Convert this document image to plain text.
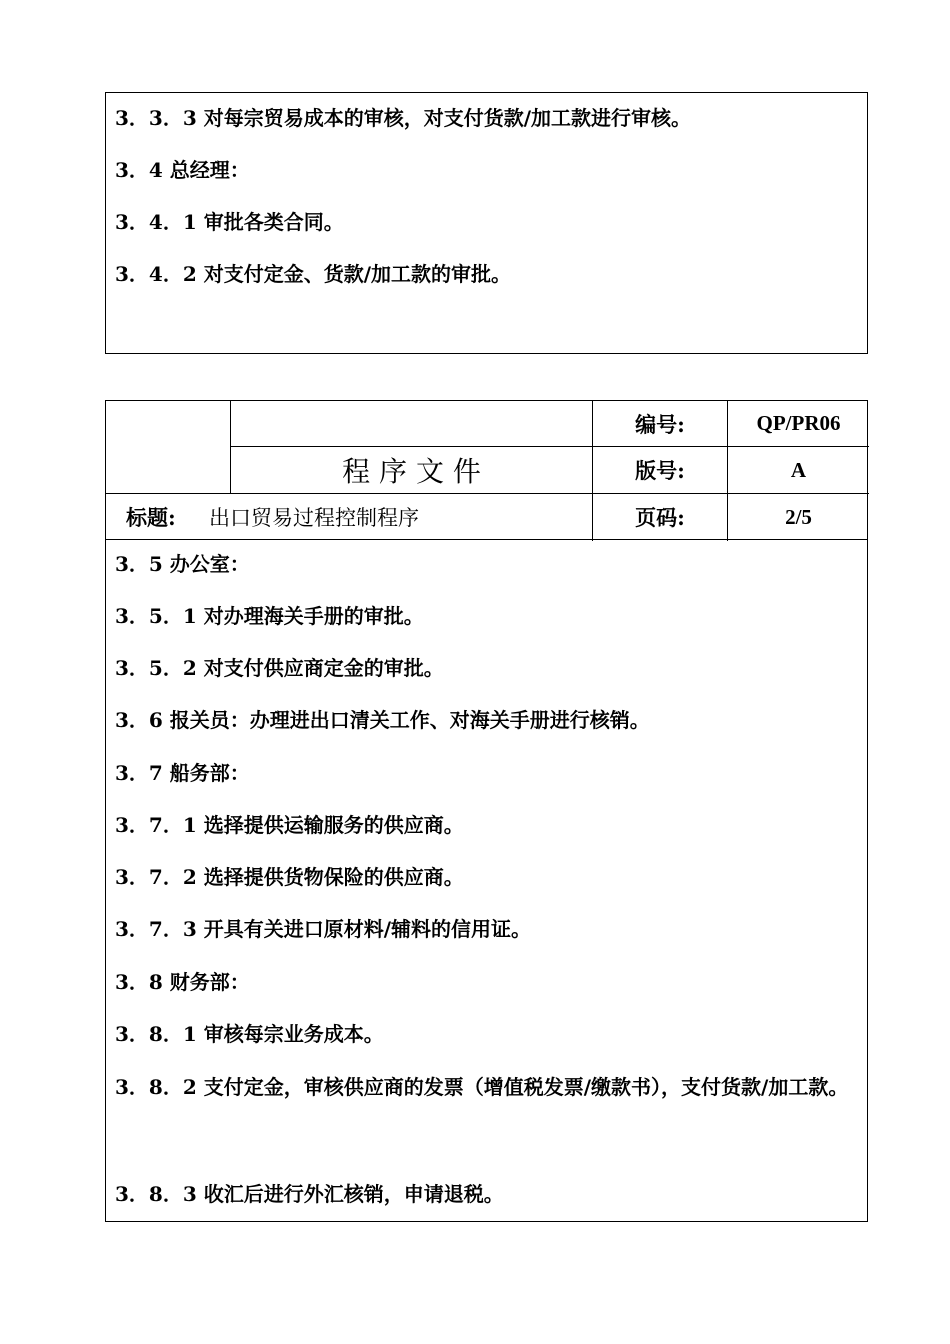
3．3．3 对每宗贸易成本的审核，对支付货款/加工款进行审核。
3．4 总经理：
3．4．1 审批各类合同。
3．4．2 对支付定金、货款/加工款的审批。
程 序 文 件
编号:	QP/PR06
版号:	A
标题:	出口贸易过程控制程序	页码:	2/5
3．5 办公室：
3．5．1 对办理海关手册的审批。
3．5．2 对支付供应商定金的审批。
3．6 报关员：办理进出口清关工作、对海关手册进行核销。
3．7 船务部：
3．7．1 选择提供运输服务的供应商。
3．7．2 选择提供货物保险的供应商。
3．7．3 开具有关进口原材料/辅料的信用证。
3．8 财务部：
3．8．1 审核每宗业务成本。
3．8．2 支付定金，审核供应商的发票（增值税发票/缴款书），支付货款/加工款。
3．8．3 收汇后进行外汇核销，申请退税。
